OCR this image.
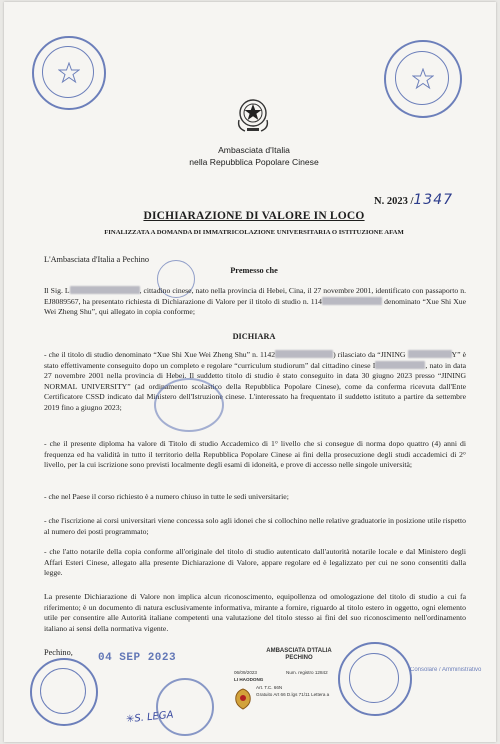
Ambasciata d'Italia
nella Repubblica Popolare Cinese
N. 2023 /1347
DICHIARAZIONE DI VALORE IN LOCO
FINALIZZATA A DOMANDA DI IMMATRICOLAZIONE UNIVERSITARIA O ISTITUZIONE AFAM
L'Ambasciata d'Italia a Pechino
Premesso che
Il Sig. L	, cittadino cinese, nato nella provincia di Hebei, Cina, il 27 novembre 2001, identificato con passaporto n. EJ8089567, ha presentato richiesta di Dichiarazione di Valore per il titolo di studio n. 114	denominato “Xue Shi Xue Wei Zheng Shu”, qui allegato in copia conforme;
DICHIARA
- che il titolo di studio denominato “Xue Shi Xue Wei Zheng Shu” n. 1142	) rilasciato da “JINING	Y” è stato effettivamente conseguito dopo un completo e regolare “curriculum studiorum” dal cittadino cinese I	, nato in data 27 novembre 2001 nella provincia di Hebei. Il suddetto titolo di studio è stato conseguito in data 30 giugno 2023 presso “JINING NORMAL UNIVERSITY” (ad ordinamento scolastico della Repubblica Popolare Cinese), come da conferma ricevuta dall'Ente Certificatore CSSD indicato dal Ministero dell'Istruzione cinese. L'interessato ha frequentato il suddetto istituto a partire da settembre 2019 fino a giugno 2023;
- che il presente diploma ha valore di Titolo di studio Accademico di 1° livello che si consegue di norma dopo quattro (4) anni di frequenza ed ha validità in tutto il territorio della Repubblica Popolare Cinese ai fini della prosecuzione degli studi accademici di 2° livello, per la cui iscrizione sono previsti localmente degli esami di idoneità, e prove di accesso nelle singole università;
- che nel Paese il corso richiesto è a numero chiuso in tutte le sedi universitarie;
- che l'iscrizione ai corsi universitari viene concessa solo agli idonei che si collochino nelle relative graduatorie in posizione utile rispetto al numero dei posti programmato;
- che l'atto notarile della copia conforme all'originale del titolo di studio autenticato dall'autorità notarile locale e dal Ministero degli Affari Esteri Cinese, allegato alla presente Dichiarazione di Valore, appare regolare ed è legalizzato per cui ne sono consentiti dalla legge.
La presente Dichiarazione di Valore non implica alcun riconoscimento, equipollenza od omologazione del titolo di studio a cui fa riferimento; è un documento di natura esclusivamente informativa, mirante a fornire, riguardo al titolo estero in oggetto, ogni elemento utile per consentire alle Autorità italiane competenti una valutazione del titolo stesso ai fini del suo riconoscimento nell'ordinamento italiano ai sensi della normativa vigente.
Pechino, 04 SEP 2023
✳S. LEGA
AMBASCIATA D'ITALIA
PECHINO
06/09/2023	Num. registro 12842
LI HAODONG
Art. T.C. 66N
Gratuito Art 66 D.lgs 71/11 Lettera a
Consolare / Amministrativo
